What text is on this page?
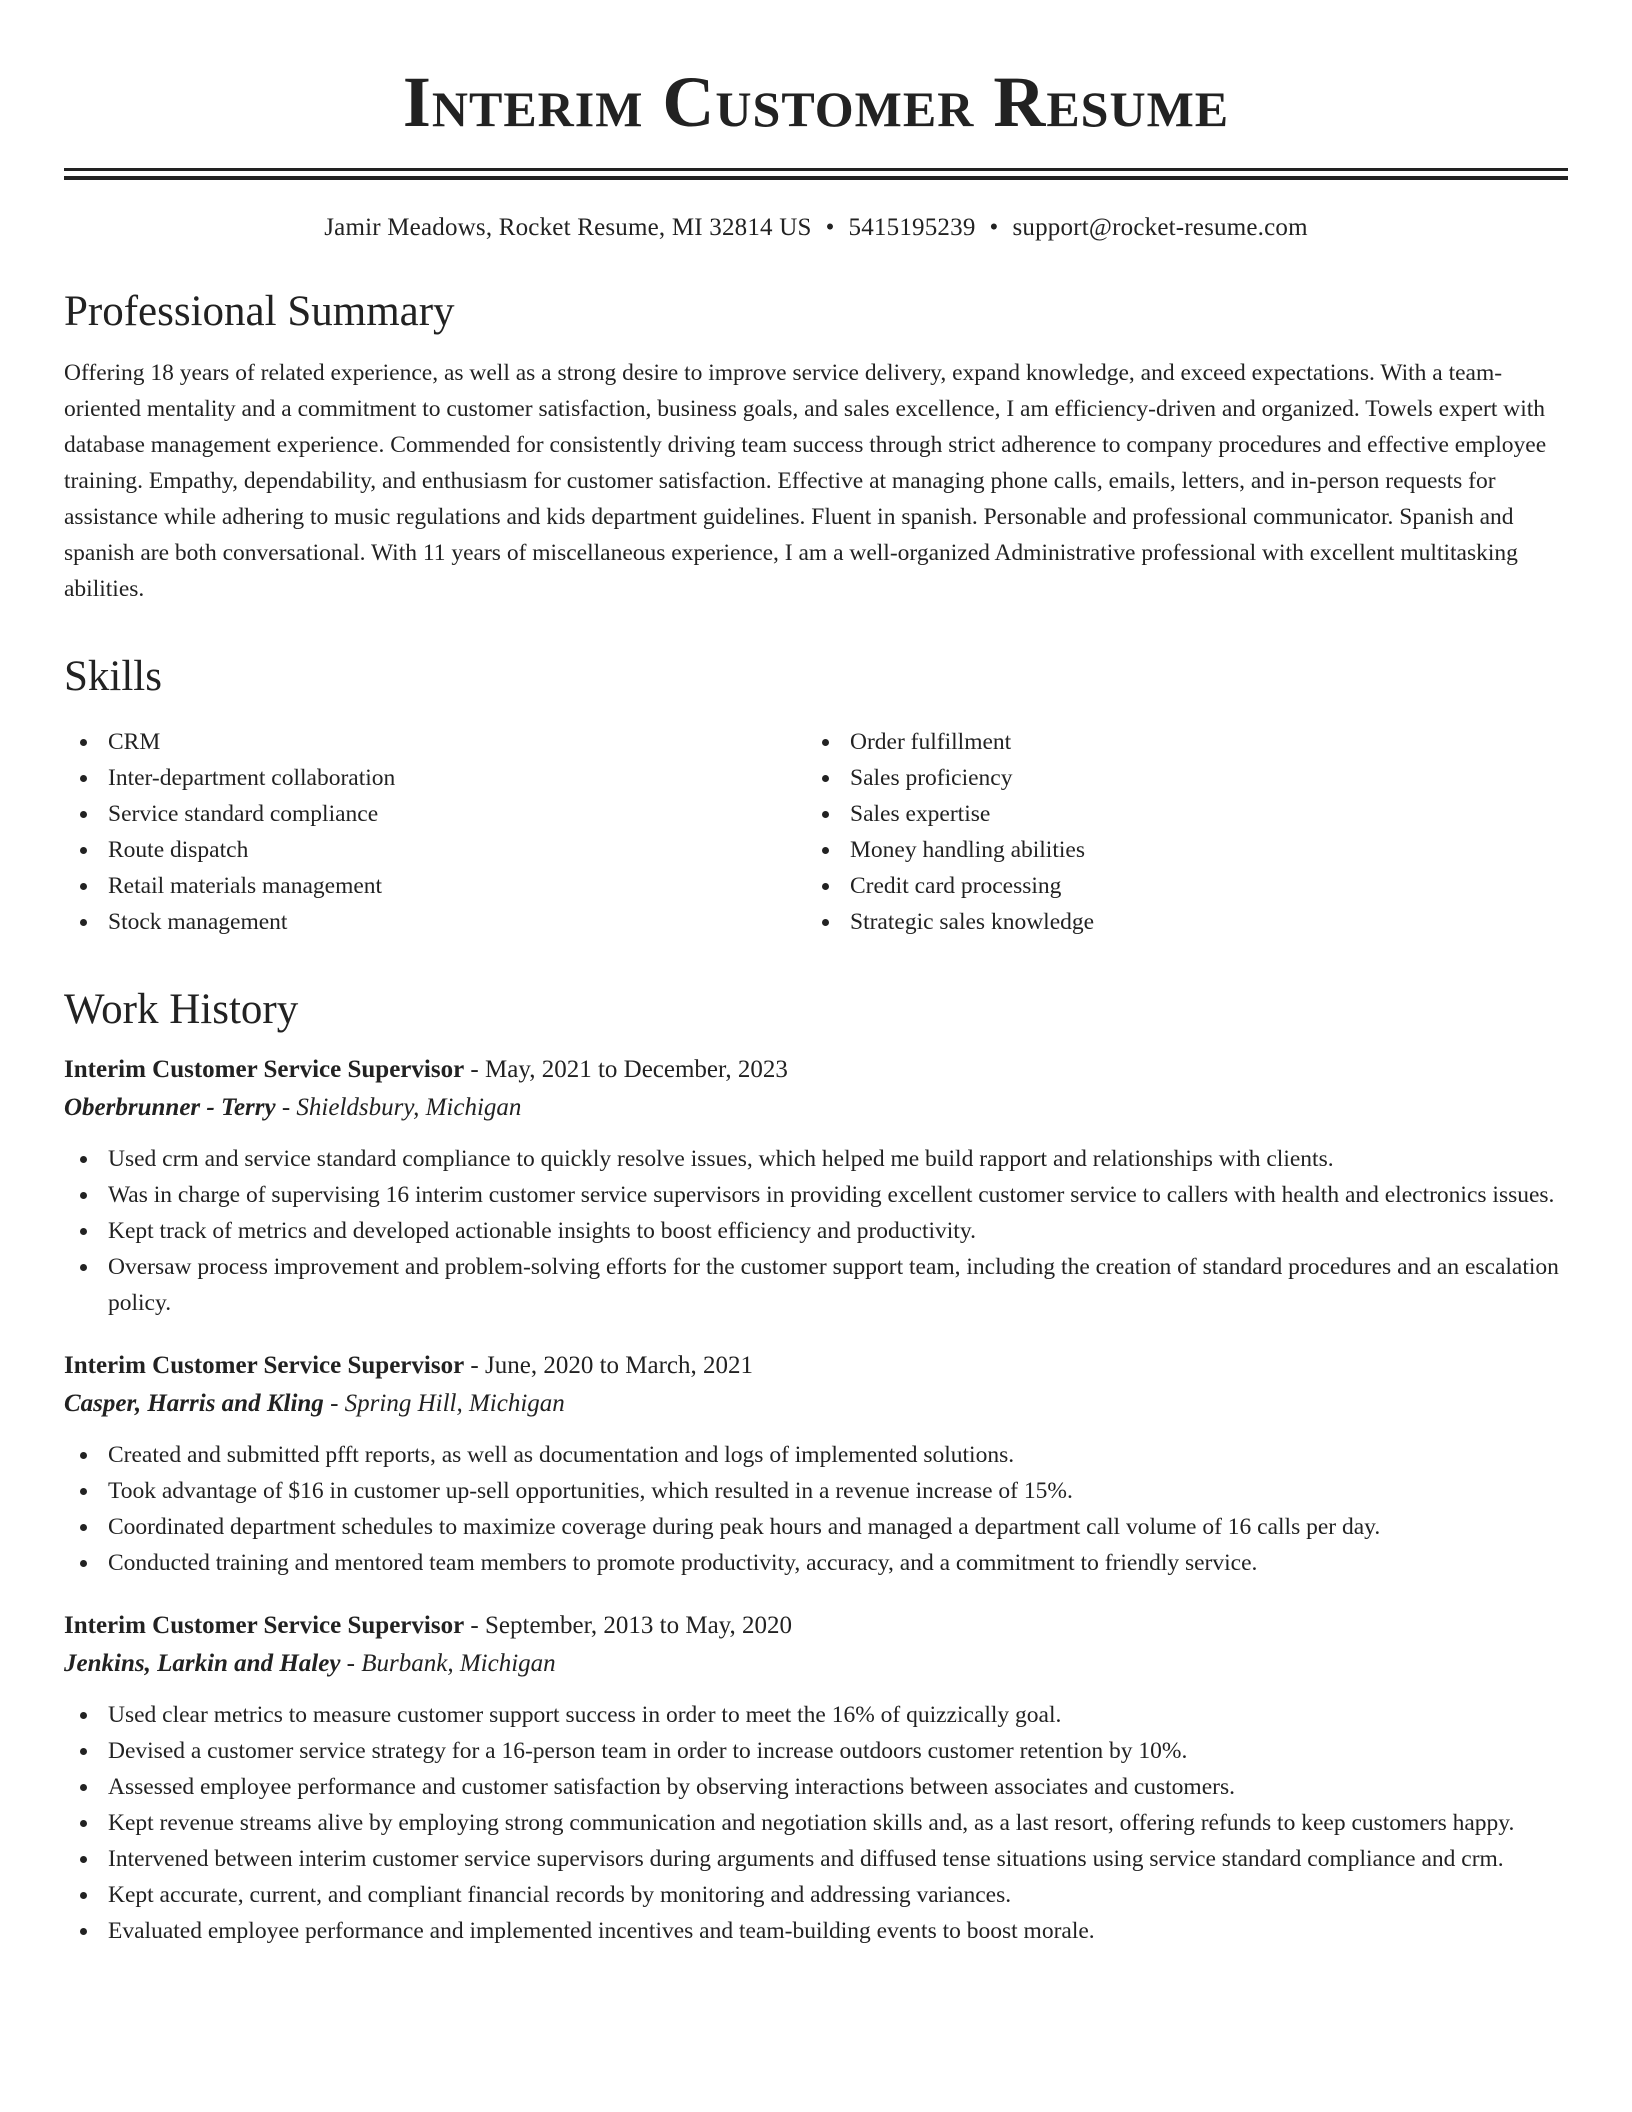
Interim Customer Resume
Jamir Meadows, Rocket Resume, MI 32814 US • 5415195239 • support@rocket-resume.com
Professional Summary
Offering 18 years of related experience, as well as a strong desire to improve service delivery, expand knowledge, and exceed expectations. With a team-oriented mentality and a commitment to customer satisfaction, business goals, and sales excellence, I am efficiency-driven and organized. Towels expert with database management experience. Commended for consistently driving team success through strict adherence to company procedures and effective employee training. Empathy, dependability, and enthusiasm for customer satisfaction. Effective at managing phone calls, emails, letters, and in-person requests for assistance while adhering to music regulations and kids department guidelines. Fluent in spanish. Personable and professional communicator. Spanish and spanish are both conversational. With 11 years of miscellaneous experience, I am a well-organized Administrative professional with excellent multitasking abilities.
Skills
CRM
Inter-department collaboration
Service standard compliance
Route dispatch
Retail materials management
Stock management
Order fulfillment
Sales proficiency
Sales expertise
Money handling abilities
Credit card processing
Strategic sales knowledge
Work History
Interim Customer Service Supervisor - May, 2021 to December, 2023
Oberbrunner - Terry - Shieldsbury, Michigan
Used crm and service standard compliance to quickly resolve issues, which helped me build rapport and relationships with clients.
Was in charge of supervising 16 interim customer service supervisors in providing excellent customer service to callers with health and electronics issues.
Kept track of metrics and developed actionable insights to boost efficiency and productivity.
Oversaw process improvement and problem-solving efforts for the customer support team, including the creation of standard procedures and an escalation policy.
Interim Customer Service Supervisor - June, 2020 to March, 2021
Casper, Harris and Kling - Spring Hill, Michigan
Created and submitted pfft reports, as well as documentation and logs of implemented solutions.
Took advantage of $16 in customer up-sell opportunities, which resulted in a revenue increase of 15%.
Coordinated department schedules to maximize coverage during peak hours and managed a department call volume of 16 calls per day.
Conducted training and mentored team members to promote productivity, accuracy, and a commitment to friendly service.
Interim Customer Service Supervisor - September, 2013 to May, 2020
Jenkins, Larkin and Haley - Burbank, Michigan
Used clear metrics to measure customer support success in order to meet the 16% of quizzically goal.
Devised a customer service strategy for a 16-person team in order to increase outdoors customer retention by 10%.
Assessed employee performance and customer satisfaction by observing interactions between associates and customers.
Kept revenue streams alive by employing strong communication and negotiation skills and, as a last resort, offering refunds to keep customers happy.
Intervened between interim customer service supervisors during arguments and diffused tense situations using service standard compliance and crm.
Kept accurate, current, and compliant financial records by monitoring and addressing variances.
Evaluated employee performance and implemented incentives and team-building events to boost morale.
